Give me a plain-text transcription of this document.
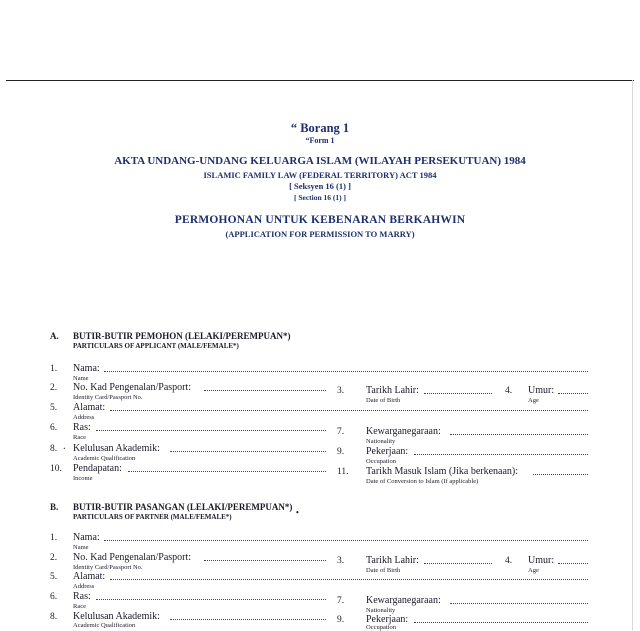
“ Borang 1
“Form 1
AKTA UNDANG-UNDANG KELUARGA ISLAM (WILAYAH PERSEKUTUAN) 1984
ISLAMIC FAMILY LAW (FEDERAL TERRITORY) ACT 1984
[ Seksyen 16 (1) ]
[ Section 16 (1) ]
PERMOHONAN UNTUK KEBENARAN BERKAHWIN
(APPLICATION FOR PERMISSION TO MARRY)
A. BUTIR-BUTIR PEMOHON (LELAKI/PEREMPUAN*)
PARTICULARS OF APPLICANT (MALE/FEMALE*)
1. Nama:
Name
2. No. Kad Pengenalan/Pasport:
Identity Card/Passport No.
3. Tarikh Lahir:
Date of Birth
4. Umur:
Age
5. Alamat:
Address
6. Ras:
Race
7. Kewarganegaraan:
Nationality
8. · Kelulusan Akademik:
Academic Qualification
9. Pekerjaan:
Occupation
10. Pendapatan:
Income
11. Tarikh Masuk Islam (Jika berkenaan):
Date of Conversion to Islam (If applicable)
B. BUTIR-BUTIR PASANGAN (LELAKI/PEREMPUAN*)
PARTICULARS OF PARTNER (MALE/FEMALE*)	•
1. Nama:
Name
2. No. Kad Pengenalan/Pasport:
Identity Card/Passport No.
3. Tarikh Lahir:
Date of Birth
4. Umur:
Age
5. Alamat:
Address
6. Ras:
Race
7. Kewarganegaraan:
Nationality
8. Kelulusan Akademik:
Academic Qualification
9. Pekerjaan:
Occupation
